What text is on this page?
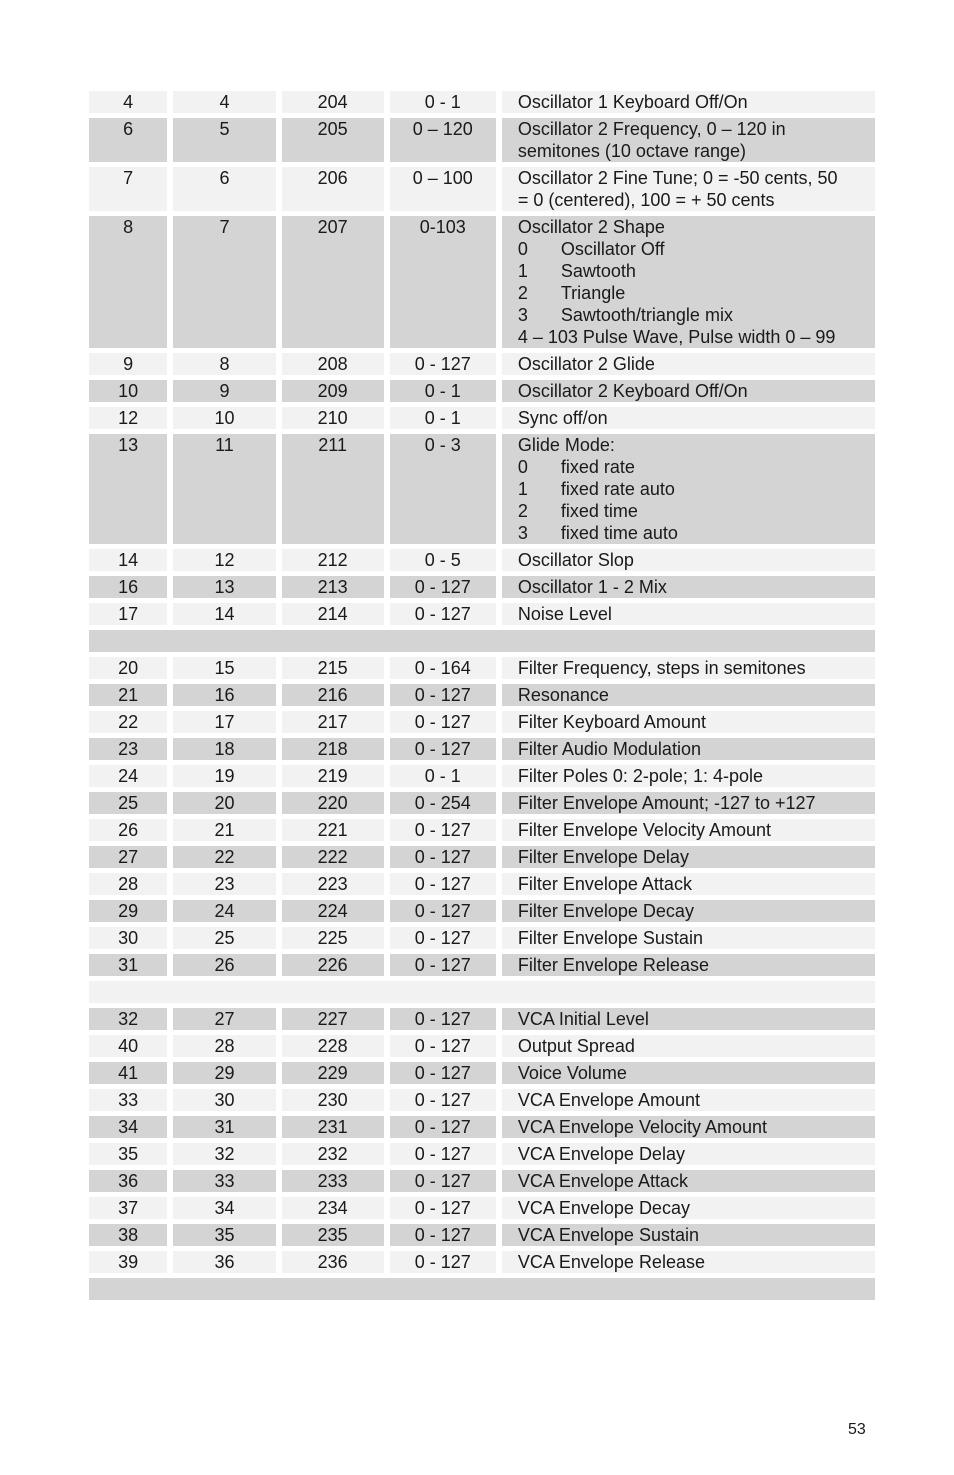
4	4	204	0 - 1	Oscillator 1 Keyboard Off/On
6	5	205	0 – 120	Oscillator 2 Frequency, 0 – 120 in
semitones (10 octave range)
7	6	206	0 – 100	Oscillator 2 Fine Tune; 0 = -50 cents, 50
= 0 (centered), 100 = + 50 cents
8	7	207	0-103	Oscillator 2 Shape
0	Oscillator Off
1	Sawtooth
2	Triangle
3	Sawtooth/triangle mix
4 – 103 Pulse Wave, Pulse width 0 – 99
9	8	208	0 - 127	Oscillator 2 Glide
10	9	209	0 - 1	Oscillator 2 Keyboard Off/On
12	10	210	0 - 1	Sync off/on
13	11	211	0 - 3	Glide Mode:
0	fixed rate
1	fixed rate auto
2	fixed time
3	fixed time auto
14	12	212	0 - 5	Oscillator Slop
16	13	213	0 - 127	Oscillator 1 - 2 Mix
17	14	214	0 - 127	Noise Level
20	15	215	0 - 164	Filter Frequency, steps in semitones
21	16	216	0 - 127	Resonance
22	17	217	0 - 127	Filter Keyboard Amount
23	18	218	0 - 127	Filter Audio Modulation
24	19	219	0 - 1	Filter Poles 0: 2-pole; 1: 4-pole
25	20	220	0 - 254	Filter Envelope Amount; -127 to +127
26	21	221	0 - 127	Filter Envelope Velocity Amount
27	22	222	0 - 127	Filter Envelope Delay
28	23	223	0 - 127	Filter Envelope Attack
29	24	224	0 - 127	Filter Envelope Decay
30	25	225	0 - 127	Filter Envelope Sustain
31	26	226	0 - 127	Filter Envelope Release
32	27	227	0 - 127	VCA Initial Level
40	28	228	0 - 127	Output Spread
41	29	229	0 - 127	Voice Volume
33	30	230	0 - 127	VCA Envelope Amount
34	31	231	0 - 127	VCA Envelope Velocity Amount
35	32	232	0 - 127	VCA Envelope Delay
36	33	233	0 - 127	VCA Envelope Attack
37	34	234	0 - 127	VCA Envelope Decay
38	35	235	0 - 127	VCA Envelope Sustain
39	36	236	0 - 127	VCA Envelope Release
53
